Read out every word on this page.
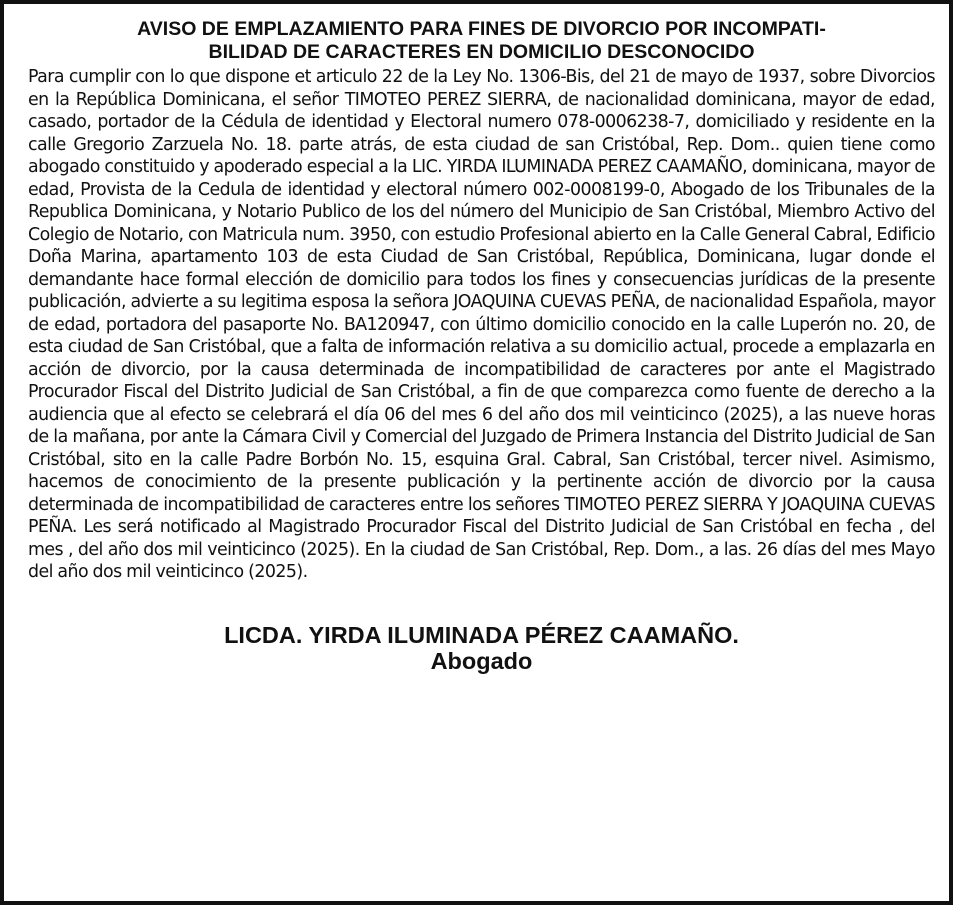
AVISO DE EMPLAZAMIENTO PARA FINES DE DIVORCIO POR INCOMPATI-
BILIDAD DE CARACTERES EN DOMICILIO DESCONOCIDO

Para cumplir con lo que dispone et articulo 22 de la Ley No. 1306-Bis, del 21 de mayo de 1937, sobre Divorcios en la República Dominicana, el señor TIMOTEO PEREZ SIERRA, de nacionalidad dominicana, mayor de edad, casado, portador de la Cédula de identidad y Electoral numero 078-0006238-7, domiciliado y residente en la calle Gregorio Zarzuela No. 18. parte atrás, de esta ciudad de san Cristóbal, Rep. Dom.. quien tiene como abogado constituido y apoderado especial a la LIC. YIRDA ILUMINADA PEREZ CAAMAÑO, dominicana, mayor de edad, Provista de la Cedula de identidad y electoral número 002-0008199-0, Abogado de los Tribunales de la Republica Dominicana, y Notario Publico de los del número del Municipio de San Cristóbal, Miembro Activo del Colegio de Notario, con Matricula num. 3950, con estudio Profesional abierto en la Calle General Cabral, Edificio Doña Marina, apartamento 103 de esta Ciudad de San Cristóbal, República, Dominicana, lugar donde el demandante hace formal elección de domicilio para todos los fines y consecuencias jurídicas de la presente publicación, advierte a su legitima esposa la señora JOAQUINA CUEVAS PEÑA, de nacionalidad Española, mayor de edad, portadora del pasaporte No. BA120947, con último domicilio conocido en la calle Luperón no. 20, de esta ciudad de San Cristóbal, que a falta de información relativa a su domicilio actual, procede a emplazarla en acción de divorcio, por la causa determinada de incompatibilidad de caracteres por ante el Magistrado Procurador Fiscal del Distrito Judicial de San Cristóbal, a fin de que comparezca como fuente de derecho a la audiencia que al efecto se celebrará el día 06 del mes 6 del año dos mil veinticinco (2025), a las nueve horas de la mañana, por ante la Cámara Civil y Comercial del Juzgado de Primera Instancia del Distrito Judicial de San Cristóbal, sito en la calle Padre Borbón No. 15, esquina Gral. Cabral, San Cristóbal, tercer nivel. Asimismo, hacemos de conocimiento de la presente publicación y la pertinente acción de divorcio por la causa determinada de incompatibilidad de caracteres entre los señores TIMOTEO PEREZ SIERRA Y JOAQUINA CUEVAS PEÑA. Les será notificado al Magistrado Procurador Fiscal del Distrito Judicial de San Cristóbal en fecha , del mes , del año dos mil veinticinco (2025). En la ciudad de San Cristóbal, Rep. Dom., a las. 26 días del mes Mayo del año dos mil veinticinco (2025).

LICDA. YIRDA ILUMINADA PÉREZ CAAMAÑO.
Abogado
